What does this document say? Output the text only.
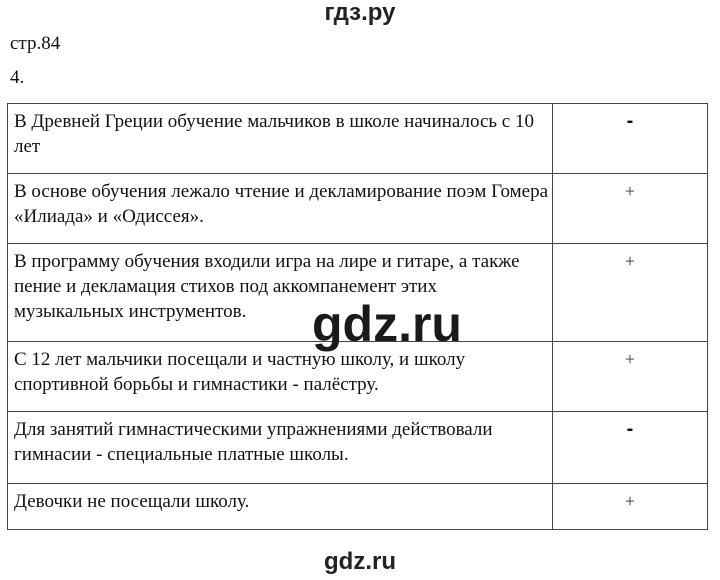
гдз.ру
стр.84
4.
В Древней Греции обучение мальчиков в школе начиналось с 10 лет	-
В основе обучения лежало чтение и декламирование поэм Гомера «Илиада» и «Одиссея».	+
В программу обучения входили игра на лире и гитаре, а также пение и декламация стихов под аккомпанемент этих музыкальных инструментов.	+
С 12 лет мальчики посещали и частную школу, и школу спортивной борьбы и гимнастики - палёстру.	+
Для занятий гимнастическими упражнениями действовали гимнасии - специальные платные школы.	-
Девочки не посещали школу.	+
gdz.ru
gdz.ru
